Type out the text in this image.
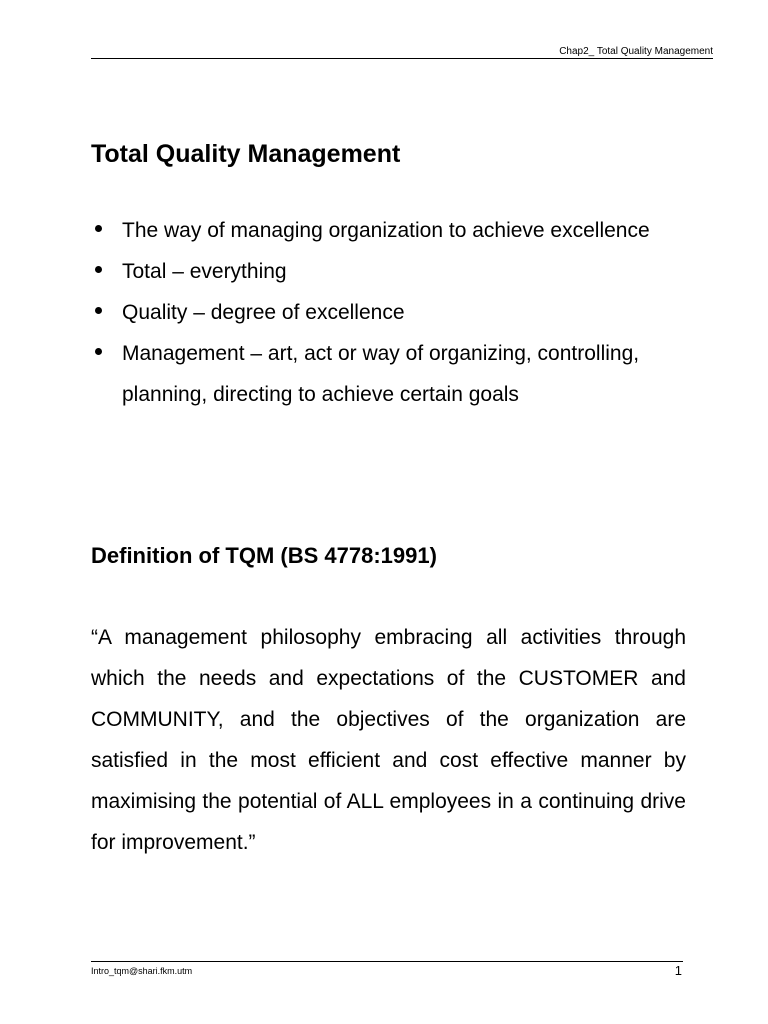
Chap2_ Total Quality Management
Total Quality Management
The way of managing organization to achieve excellence
Total – everything
Quality – degree of excellence
Management – art, act or way of organizing, controlling, planning, directing to achieve certain goals
Definition of TQM (BS 4778:1991)

“A management philosophy embracing all activities through which the needs and expectations of the CUSTOMER and COMMUNITY, and the objectives of the organization are satisfied in the most efficient and cost effective manner by maximising the potential of ALL employees in a continuing drive for improvement.”

Intro_tqm@shari.fkm.utm	1
